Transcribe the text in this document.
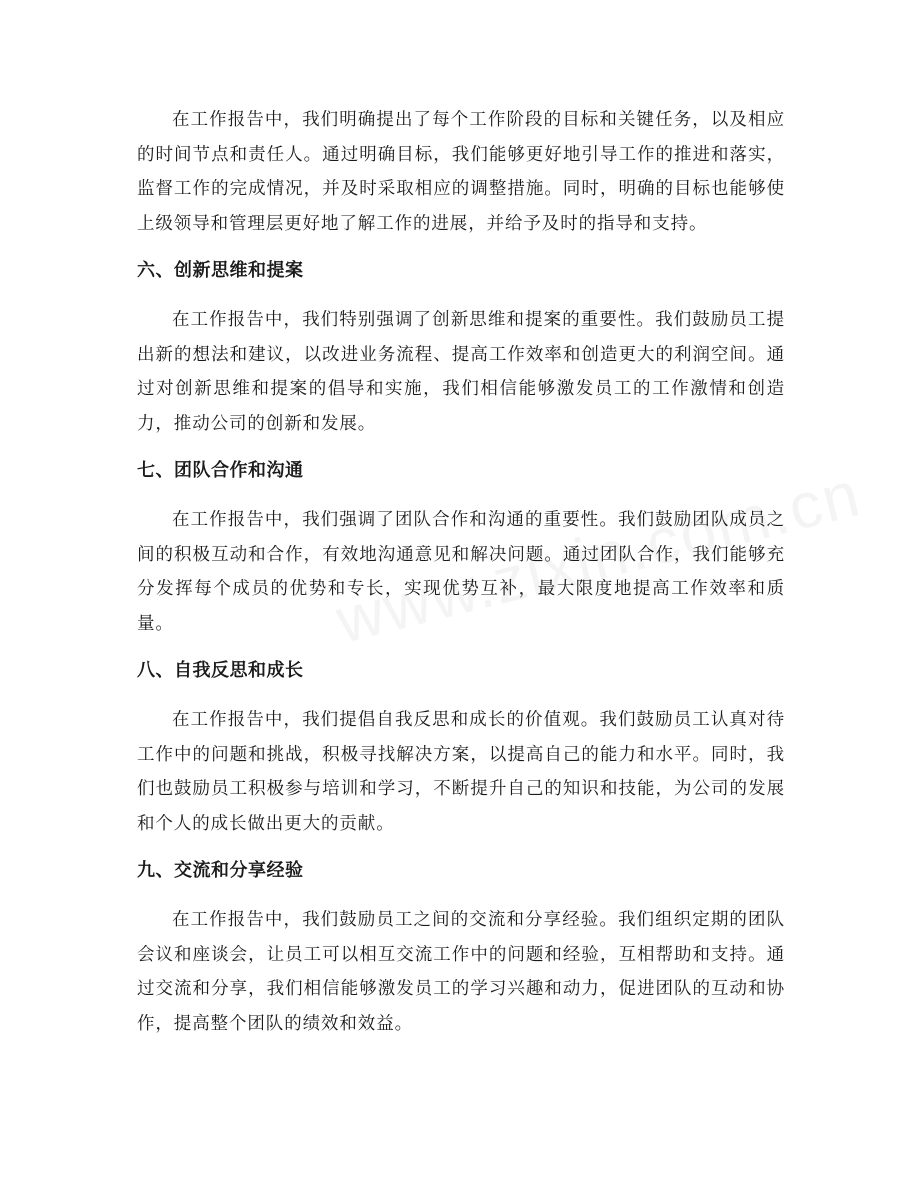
在工作报告中，我们明确提出了每个工作阶段的目标和关键任务，以及相应的时间节点和责任人。通过明确目标，我们能够更好地引导工作的推进和落实，监督工作的完成情况，并及时采取相应的调整措施。同时，明确的目标也能够使上级领导和管理层更好地了解工作的进展，并给予及时的指导和支持。

六、创新思维和提案

在工作报告中，我们特别强调了创新思维和提案的重要性。我们鼓励员工提出新的想法和建议，以改进业务流程、提高工作效率和创造更大的利润空间。通过对创新思维和提案的倡导和实施，我们相信能够激发员工的工作激情和创造力，推动公司的创新和发展。

七、团队合作和沟通

在工作报告中，我们强调了团队合作和沟通的重要性。我们鼓励团队成员之间的积极互动和合作，有效地沟通意见和解决问题。通过团队合作，我们能够充分发挥每个成员的优势和专长，实现优势互补，最大限度地提高工作效率和质量。

八、自我反思和成长

在工作报告中，我们提倡自我反思和成长的价值观。我们鼓励员工认真对待工作中的问题和挑战，积极寻找解决方案，以提高自己的能力和水平。同时，我们也鼓励员工积极参与培训和学习，不断提升自己的知识和技能，为公司的发展和个人的成长做出更大的贡献。

九、交流和分享经验

在工作报告中，我们鼓励员工之间的交流和分享经验。我们组织定期的团队会议和座谈会，让员工可以相互交流工作中的问题和经验，互相帮助和支持。通过交流和分享，我们相信能够激发员工的学习兴趣和动力，促进团队的互动和协作，提高整个团队的绩效和效益。
